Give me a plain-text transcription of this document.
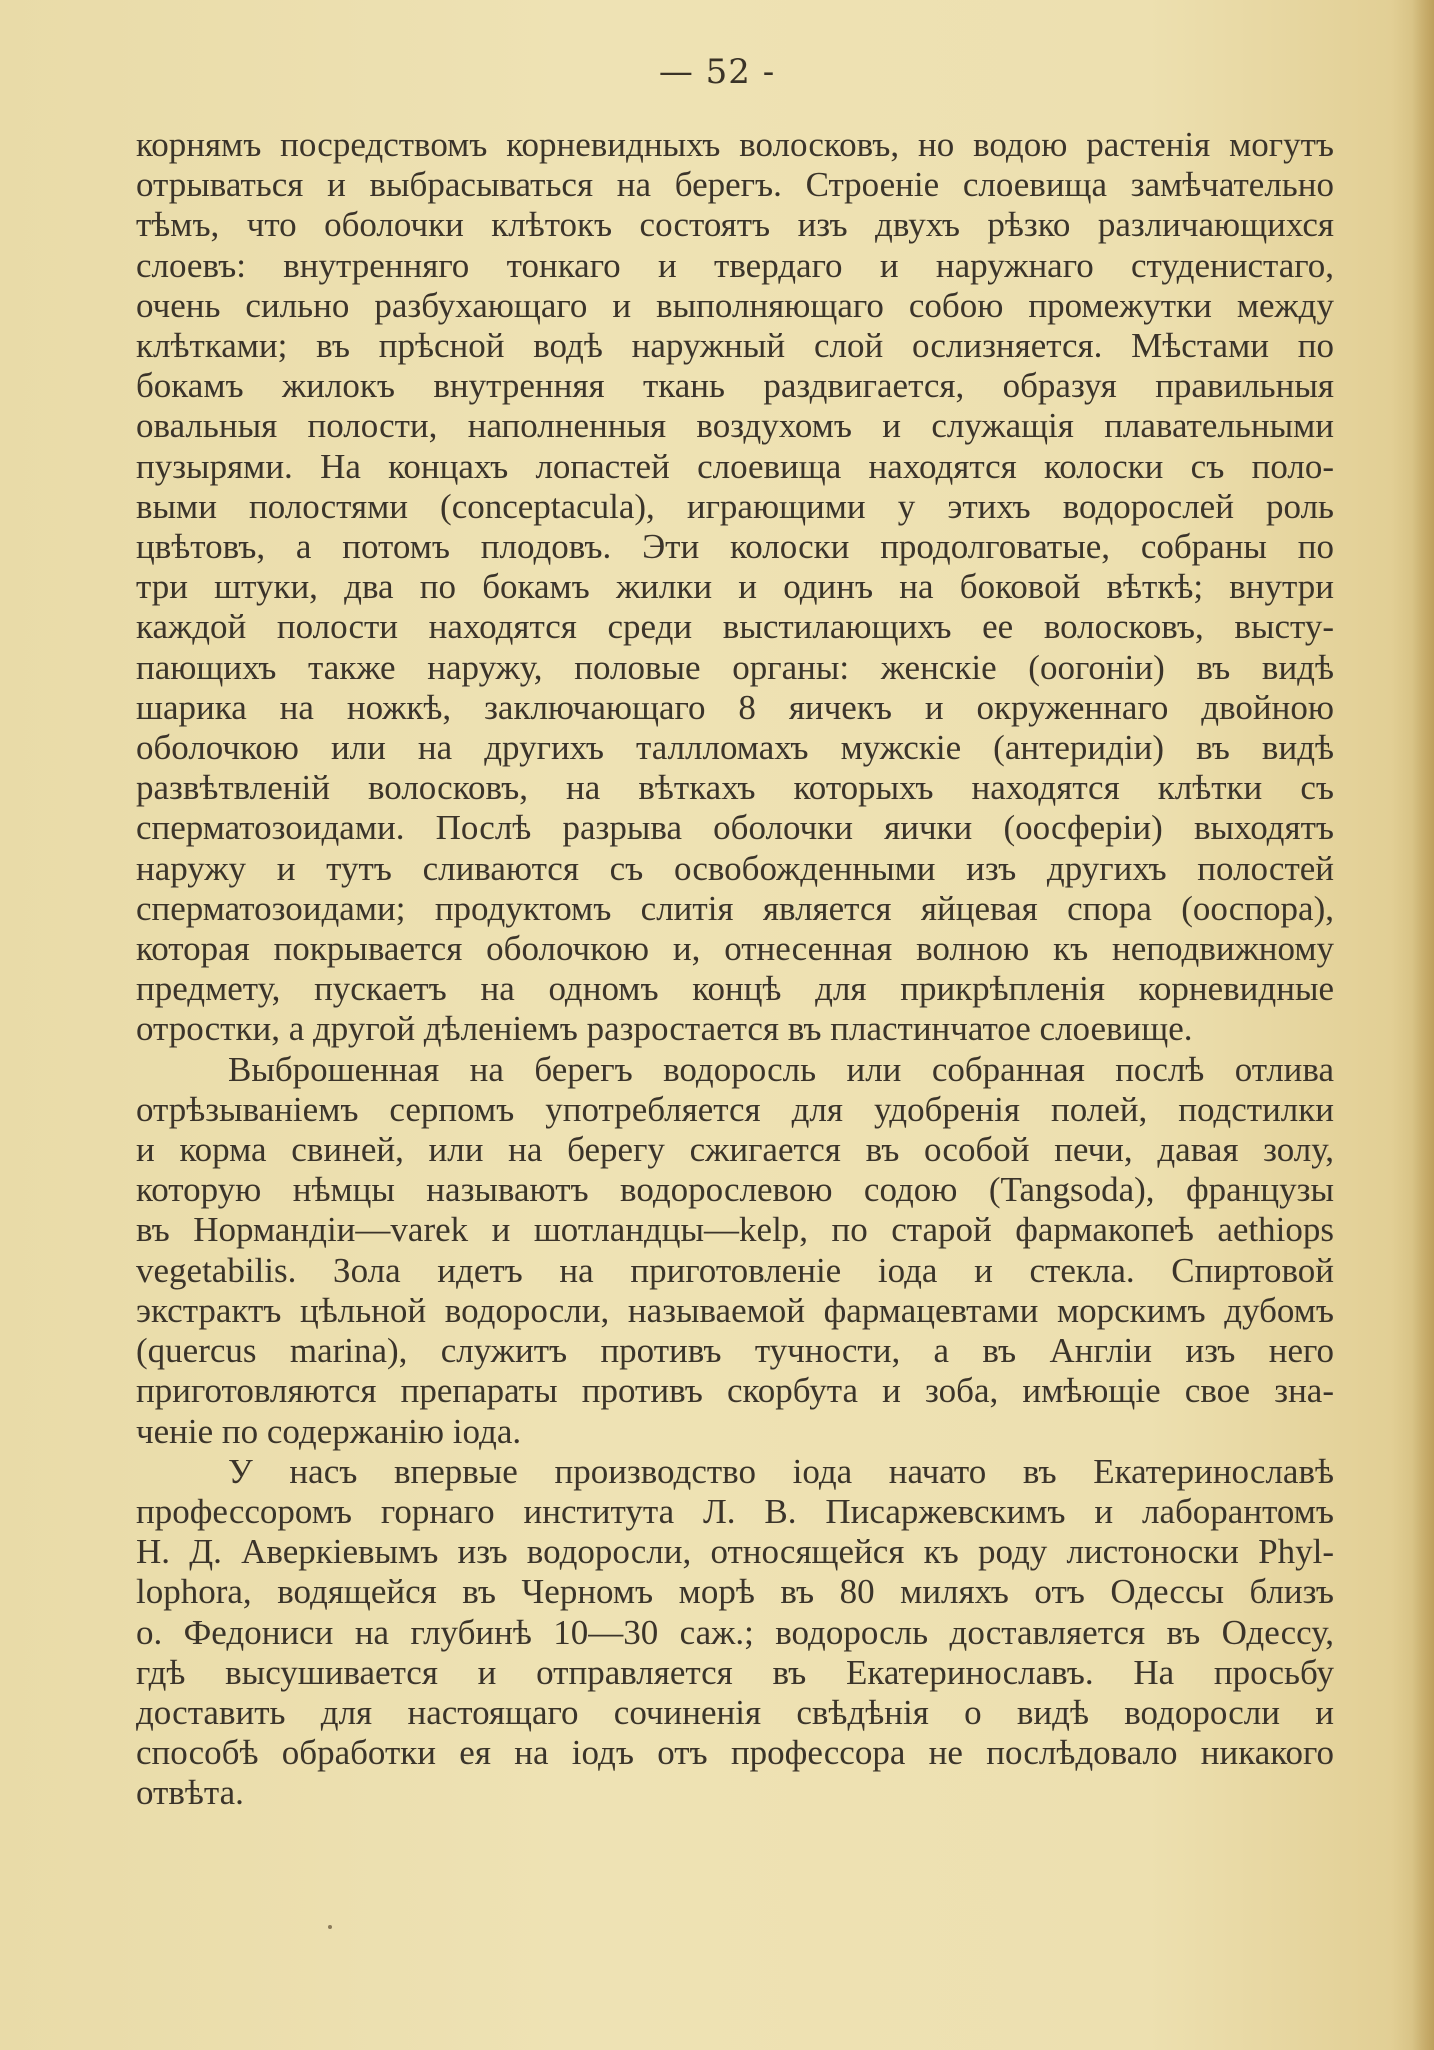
— 52 -
корнямъ посредствомъ корневидныхъ волосковъ, но водою растенія могутъ
отрываться и выбрасываться на берегъ. Строеніе слоевища замѣчательно
тѣмъ, что оболочки клѣтокъ состоятъ изъ двухъ рѣзко различающихся
слоевъ: внутренняго тонкаго и твердаго и наружнаго студенистаго,
очень сильно разбухающаго и выполняющаго собою промежутки между
клѣтками; въ прѣсной водѣ наружный слой ослизняется. Мѣстами по
бокамъ жилокъ внутренняя ткань раздвигается, образуя правильныя
овальныя полости, наполненныя воздухомъ и служащія плавательными
пузырями. На концахъ лопастей слоевища находятся колоски съ поло-
выми полостями (conceptacula), играющими у этихъ водорослей роль
цвѣтовъ, а потомъ плодовъ. Эти колоски продолговатые, собраны по
три штуки, два по бокамъ жилки и одинъ на боковой вѣткѣ; внутри
каждой полости находятся среди выстилающихъ ее волосковъ, высту-
пающихъ также наружу, половые органы: женскіе (оогоніи) въ видѣ
шарика на ножкѣ, заключающаго 8 яичекъ и окруженнаго двойною
оболочкою или на другихъ таллломахъ мужскіе (антеридіи) въ видѣ
развѣтвленій волосковъ, на вѣткахъ которыхъ находятся клѣтки съ
сперматозоидами. Послѣ разрыва оболочки яички (оосферіи) выходятъ
наружу и тутъ сливаются съ освобожденными изъ другихъ полостей
сперматозоидами; продуктомъ слитія является яйцевая спора (ооспора),
которая покрывается оболочкою и, отнесенная волною къ неподвижному
предмету, пускаетъ на одномъ концѣ для прикрѣпленія корневидные
отростки, а другой дѣленіемъ разростается въ пластинчатое слоевище.
Выброшенная на берегъ водоросль или собранная послѣ отлива
отрѣзываніемъ серпомъ употребляется для удобренія полей, подстилки
и корма свиней, или на берегу сжигается въ особой печи, давая золу,
которую нѣмцы называютъ водорослевою содою (Tangsoda), французы
въ Нормандіи—varek и шотландцы—kelp, по старой фармакопеѣ aethiops
vegetabilis. Зола идетъ на приготовленіе іода и стекла. Спиртовой
экстрактъ цѣльной водоросли, называемой фармацевтами морскимъ дубомъ
(quercus marina), служитъ противъ тучности, а въ Англіи изъ него
приготовляются препараты противъ скорбута и зоба, имѣющіе свое зна-
ченіе по содержанію іода.
У насъ впервые производство іода начато въ Екатеринославѣ
профессоромъ горнаго института Л. В. Писаржевскимъ и лаборантомъ
Н. Д. Аверкіевымъ изъ водоросли, относящейся къ роду листоноски Phyl-
lophora, водящейся въ Черномъ морѣ въ 80 миляхъ отъ Одессы близъ
о. Федониси на глубинѣ 10—30 саж.; водоросль доставляется въ Одессу,
гдѣ высушивается и отправляется въ Екатеринославъ. На просьбу
доставить для настоящаго сочиненія свѣдѣнія о видѣ водоросли и
способѣ обработки ея на іодъ отъ профессора не послѣдовало никакого
отвѣта.
